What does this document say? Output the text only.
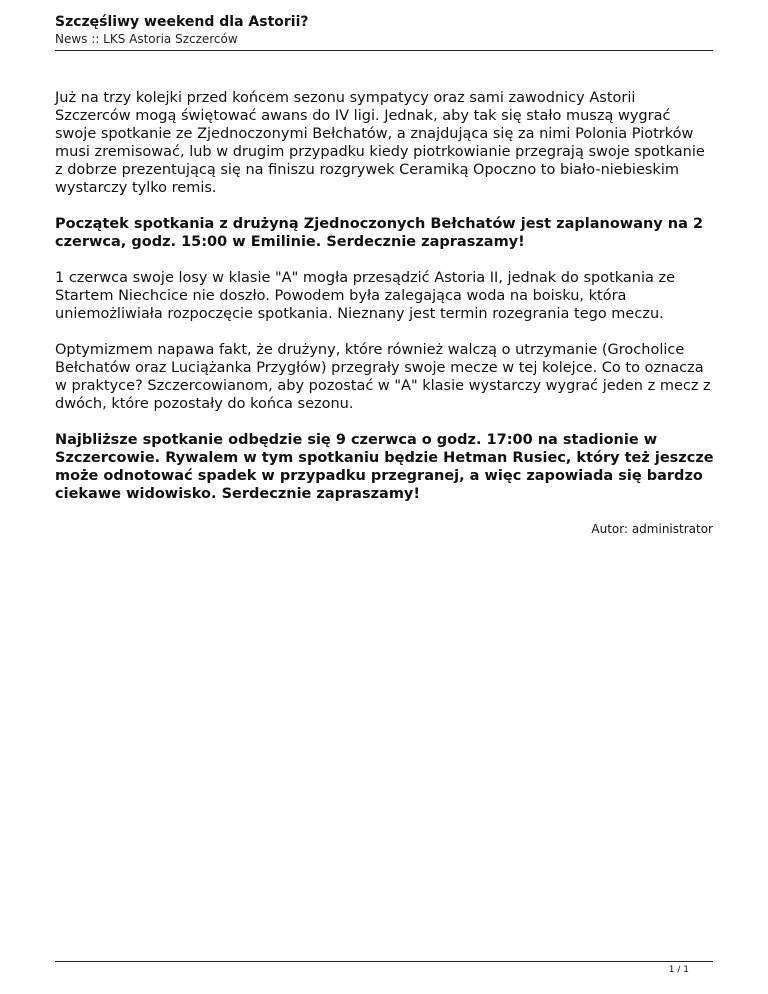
Szczęśliwy weekend dla Astorii?
News :: LKS Astoria Szczerców

Już na trzy kolejki przed końcem sezonu sympatycy oraz sami zawodnicy Astorii Szczerców mogą świętować awans do IV ligi. Jednak, aby tak się stało muszą wygrać swoje spotkanie ze Zjednoczonymi Bełchatów, a znajdująca się za nimi Polonia Piotrków musi zremisować, lub w drugim przypadku kiedy piotrkowianie przegrają swoje spotkanie z dobrze prezentującą się na finiszu rozgrywek Ceramiką Opoczno to biało-niebieskim wystarczy tylko remis.

Początek spotkania z drużyną Zjednoczonych Bełchatów jest zaplanowany na 2 czerwca, godz. 15:00 w Emilinie. Serdecznie zapraszamy!

1 czerwca swoje losy w klasie "A" mogła przesądzić Astoria II, jednak do spotkania ze Startem Niechcice nie doszło. Powodem była zalegająca woda na boisku, która uniemożliwiała rozpoczęcie spotkania. Nieznany jest termin rozegrania tego meczu.

Optymizmem napawa fakt, że drużyny, które również walczą o utrzymanie (Grocholice Bełchatów oraz Luciążanka Przygłów) przegrały swoje mecze w tej kolejce. Co to oznacza w praktyce? Szczercowianom, aby pozostać w "A" klasie wystarczy wygrać jeden z mecz z dwóch, które pozostały do końca sezonu.

Najbliższe spotkanie odbędzie się 9 czerwca o godz. 17:00 na stadionie w Szczercowie. Rywalem w tym spotkaniu będzie Hetman Rusiec, który też jeszcze może odnotować spadek w przypadku przegranej, a więc zapowiada się bardzo ciekawe widowisko. Serdecznie zapraszamy!

Autor: administrator
1 / 1
